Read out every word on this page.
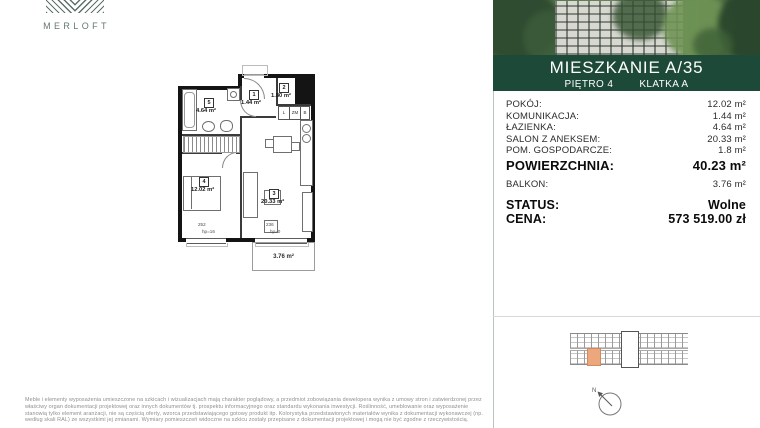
MERLOFT
MIESZKANIE A/35
PIĘTRO 4	KLATKA A
POKÓJ:	12.02 m²
KOMUNIKACJA:	1.44 m²
ŁAZIENKA:	4.64 m²
SALON Z ANEKSEM:	20.33 m²
POM. GOSPODARCZE:	1.8 m²
POWIERZCHNIA:	40.23 m²
BALKON:	3.76 m²
STATUS:	Wolne
CENA:	573 519.00 zł
L	ZM	B
1
1.44 m²
2
1.80 m²
3
20.33 m²
4
12.02 m²
5
4.64 m²
252
hp=16
236
hp=0
3.76 m²
N
Meble i elementy wyposażenia umieszczone na szkicach i wizualizacjach mają charakter poglądowy, a przedmiot zobowiązania dewelopera wynika z umowy stron i zatwierdzonej przez
właściwy organ dokumentacji projektowej oraz innych dokumentów tj. prospektu informacyjnego oraz standardu wykonania inwestycji. Roślinność, umeblowanie oraz wyposażenie
stanowią tylko element aranżacji, nie są częścią oferty, wzorca przedstawiającego gotowy produkt itp. Kolorystyka przedstawionych materiałów wynika z dokumentacji wykonawczej (np.
według skali RAL) ze wszystkimi jej zmianami. Wymiary pomieszczeń widoczne na szkicu zostały przepisane z dokumentacji projektowej i mogą nie być zgodne z rzeczywistością.
